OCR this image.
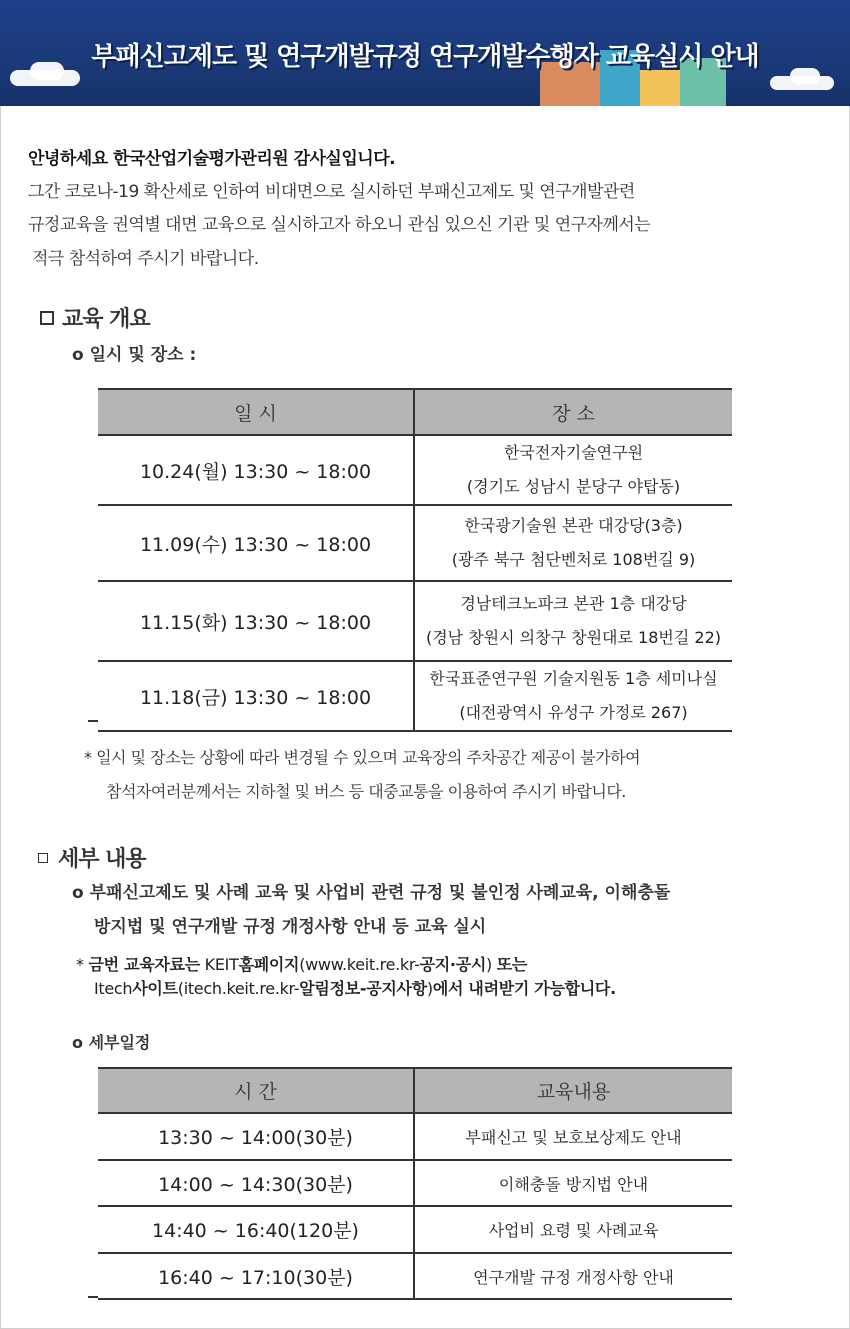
부패신고제도 및 연구개발규정 연구개발수행자 교육실시 안내
안녕하세요 한국산업기술평가관리원 감사실입니다.
그간 코로나-19 확산세로 인하여 비대면으로 실시하던 부패신고제도 및 연구개발관련
규정교육을 권역별 대면 교육으로 실시하고자 하오니 관심 있으신 기관 및 연구자께서는
적극 참석하여 주시기 바랍니다.
교육 개요
o 일시 및 장소 :
일 시	장 소
10.24(월) 13:30 ~ 18:00	한국전자기술연구원
(경기도 성남시 분당구 야탑동)

11.09(수) 13:30 ~ 18:00	한국광기술원 본관 대강당(3층)
(광주 북구 첨단벤처로 108번길 9)

11.15(화) 13:30 ~ 18:00	경남테크노파크 본관 1층 대강당
(경남 창원시 의창구 창원대로 18번길 22)

11.18(금) 13:30 ~ 18:00	한국표준연구원 기술지원동 1층 세미나실
(대전광역시 유성구 가정로 267)
* 일시 및 장소는 상황에 따라 변경될 수 있으며 교육장의 주차공간 제공이 불가하여
참석자여러분께서는 지하철 및 버스 등 대중교통을 이용하여 주시기 바랍니다.
세부 내용
o 부패신고제도 및 사례 교육 및 사업비 관련 규정 및 불인정 사례교육, 이해충돌
방지법 및 연구개발 규정 개정사항 안내 등 교육 실시
* 금번 교육자료는 KEIT홈페이지(www.keit.re.kr-공지·공시) 또는
Itech사이트(itech.keit.re.kr-알림정보-공지사항)에서 내려받기 가능합니다.
o 세부일정
시 간	교육내용
13:30 ~ 14:00(30분)	부패신고 및 보호보상제도 안내
14:00 ~ 14:30(30분)	이해충돌 방지법 안내
14:40 ~ 16:40(120분)	사업비 요령 및 사례교육
16:40 ~ 17:10(30분)	연구개발 규정 개정사항 안내
